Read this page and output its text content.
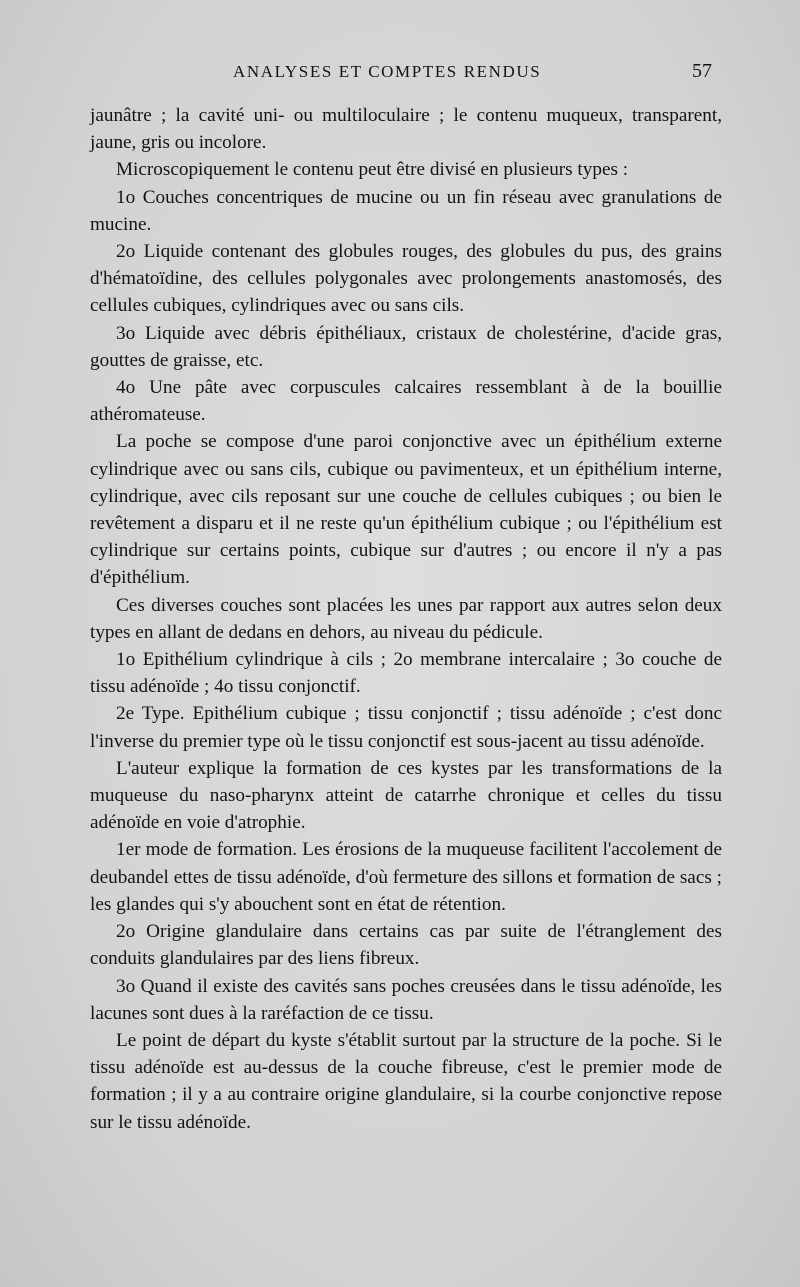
ANALYSES ET COMPTES RENDUS	57

jaunâtre ; la cavité uni- ou multiloculaire ; le contenu muqueux, transparent, jaune, gris ou incolore.

Microscopiquement le contenu peut être divisé en plusieurs types :

1o Couches concentriques de mucine ou un fin réseau avec granulations de mucine.

2o Liquide contenant des globules rouges, des globules du pus, des grains d'hématoïdine, des cellules polygonales avec prolongements anastomosés, des cellules cubiques, cylindriques avec ou sans cils.

3o Liquide avec débris épithéliaux, cristaux de cholestérine, d'acide gras, gouttes de graisse, etc.

4o Une pâte avec corpuscules calcaires ressemblant à de la bouillie athéromateuse.

La poche se compose d'une paroi conjonctive avec un épithélium externe cylindrique avec ou sans cils, cubique ou pavimenteux, et un épithélium interne, cylindrique, avec cils reposant sur une couche de cellules cubiques ; ou bien le revêtement a disparu et il ne reste qu'un épithélium cubique ; ou l'épithélium est cylindrique sur certains points, cubique sur d'autres ; ou encore il n'y a pas d'épithélium.

Ces diverses couches sont placées les unes par rapport aux autres selon deux types en allant de dedans en dehors, au niveau du pédicule.

1o Epithélium cylindrique à cils ; 2o membrane intercalaire ; 3o couche de tissu adénoïde ; 4o tissu conjonctif.

2e Type. Epithélium cubique ; tissu conjonctif ; tissu adénoïde ; c'est donc l'inverse du premier type où le tissu conjonctif est sous-jacent au tissu adénoïde.

L'auteur explique la formation de ces kystes par les transformations de la muqueuse du naso-pharynx atteint de catarrhe chronique et celles du tissu adénoïde en voie d'atrophie.

1er mode de formation. Les érosions de la muqueuse facilitent l'accolement de deubandel ettes de tissu adénoïde, d'où fermeture des sillons et formation de sacs ; les glandes qui s'y abouchent sont en état de rétention.

2o Origine glandulaire dans certains cas par suite de l'étranglement des conduits glandulaires par des liens fibreux.

3o Quand il existe des cavités sans poches creusées dans le tissu adénoïde, les lacunes sont dues à la raréfaction de ce tissu.

Le point de départ du kyste s'établit surtout par la structure de la poche. Si le tissu adénoïde est au-dessus de la couche fibreuse, c'est le premier mode de formation ; il y a au contraire origine glandulaire, si la courbe conjonctive repose sur le tissu adénoïde.
